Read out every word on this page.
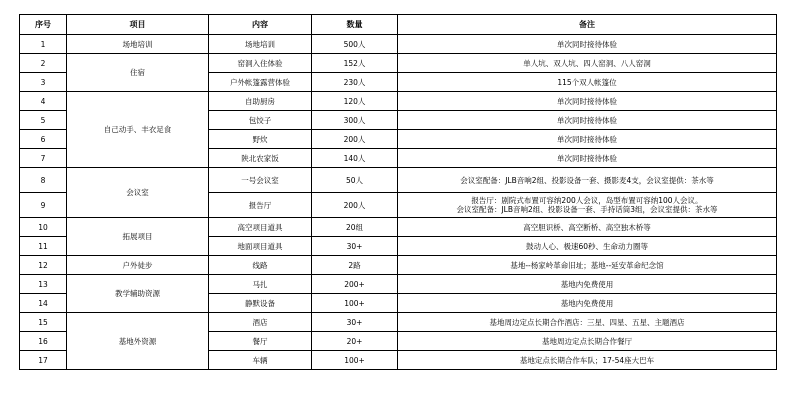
序号	项目	内容	数量	备注
1	场地培训	场地培训	500人	单次同时接待体验
2	住宿	窑洞入住体验	152人	单人坑、双人坑、四人窑洞、八人窑洞
3		户外帐篷露营体验	230人	115个双人帐篷位
4	自己动手、丰衣足食	自助厨房	120人	单次同时接待体验
5		包饺子	300人	单次同时接待体验
6		野炊	200人	单次同时接待体验
7		陕北农家饭	140人	单次同时接待体验
8	会议室	一号会议室	50人	会议室配备：JLB音响2组、投影设备一套、摄影麦4支，会议室提供：茶水等
9		报告厅	200人	报告厅：剧院式布置可容纳200人会议，岛型布置可容纳100人会议。
会议室配备：JLB音响2组、投影设备一套、手持话筒3组，会议室提供：茶水等

10	拓展项目	高空项目道具	20组	高空胆识桥、高空断桥、高空独木桥等
11		地面项目道具	30+	鼓动人心、极速60秒、生命动力圈等
12	户外徒步	线路	2路	基地--杨家岭革命旧址；基地--延安革命纪念馆
13	教学辅助资源	马扎	200+	基地内免费使用
14		静默设备	100+	基地内免费使用
15	基地外资源	酒店	30+	基地周边定点长期合作酒店：三星、四星、五星、主题酒店
16		餐厅	20+	基地周边定点长期合作餐厅
17		车辆	100+	基地定点长期合作车队；17-54座大巴车
